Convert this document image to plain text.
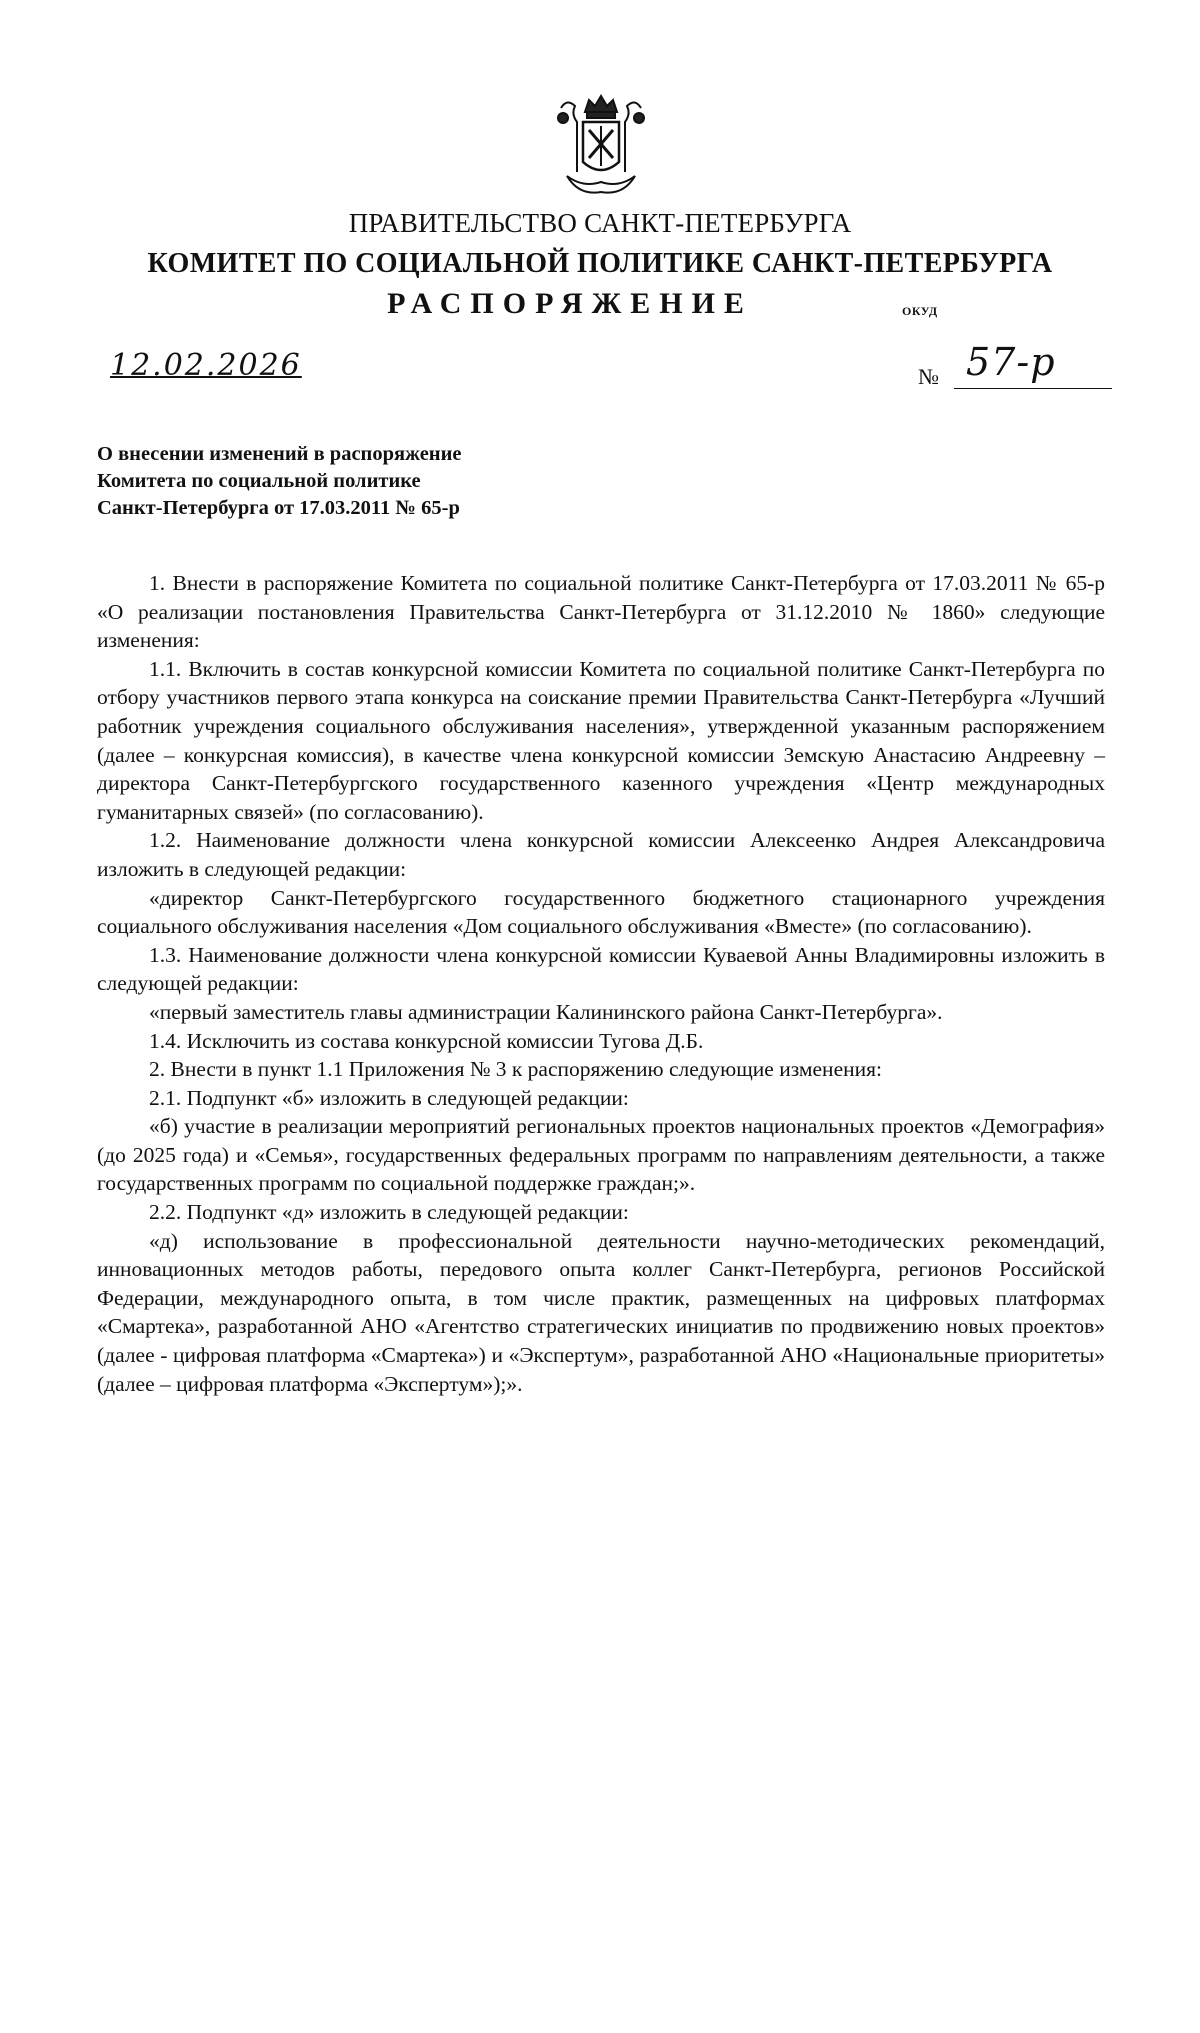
ПРАВИТЕЛЬСТВО САНКТ-ПЕТЕРБУРГА
КОМИТЕТ ПО СОЦИАЛЬНОЙ ПОЛИТИКЕ САНКТ-ПЕТЕРБУРГА
РАСПОРЯЖЕНИЕ	ОКУД
12.02.2026	№ 57-р
О внесении изменений в распоряжение
Комитета по социальной политике
Санкт-Петербурга от 17.03.2011 № 65-р

1. Внести в распоряжение Комитета по социальной политике Санкт-Петербурга от 17.03.2011 № 65-р «О реализации постановления Правительства Санкт-Петербурга от 31.12.2010 № 1860» следующие изменения:

1.1. Включить в состав конкурсной комиссии Комитета по социальной политике Санкт-Петербурга по отбору участников первого этапа конкурса на соискание премии Правительства Санкт-Петербурга «Лучший работник учреждения социального обслуживания населения», утвержденной указанным распоряжением (далее – конкурсная комиссия), в качестве члена конкурсной комиссии Земскую Анастасию Андреевну – директора Санкт-Петербургского государственного казенного учреждения «Центр международных гуманитарных связей» (по согласованию).

1.2. Наименование должности члена конкурсной комиссии Алексеенко Андрея Александровича изложить в следующей редакции:

«директор Санкт-Петербургского государственного бюджетного стационарного учреждения социального обслуживания населения «Дом социального обслуживания «Вместе» (по согласованию).

1.3. Наименование должности члена конкурсной комиссии Куваевой Анны Владимировны изложить в следующей редакции:

«первый заместитель главы администрации Калининского района Санкт-Петербурга».

1.4. Исключить из состава конкурсной комиссии Тугова Д.Б.

2. Внести в пункт 1.1 Приложения № 3 к распоряжению следующие изменения:

2.1. Подпункт «б» изложить в следующей редакции:

«б) участие в реализации мероприятий региональных проектов национальных проектов «Демография» (до 2025 года) и «Семья», государственных федеральных программ по направлениям деятельности, а также государственных программ по социальной поддержке граждан;».

2.2. Подпункт «д» изложить в следующей редакции:

«д) использование в профессиональной деятельности научно-методических рекомендаций, инновационных методов работы, передового опыта коллег Санкт-Петербурга, регионов Российской Федерации, международного опыта, в том числе практик, размещенных на цифровых платформах «Смартека», разработанной АНО «Агентство стратегических инициатив по продвижению новых проектов» (далее - цифровая платформа «Смартека») и «Экспертум», разработанной АНО «Национальные приоритеты» (далее – цифровая платформа «Экспертум»);».
